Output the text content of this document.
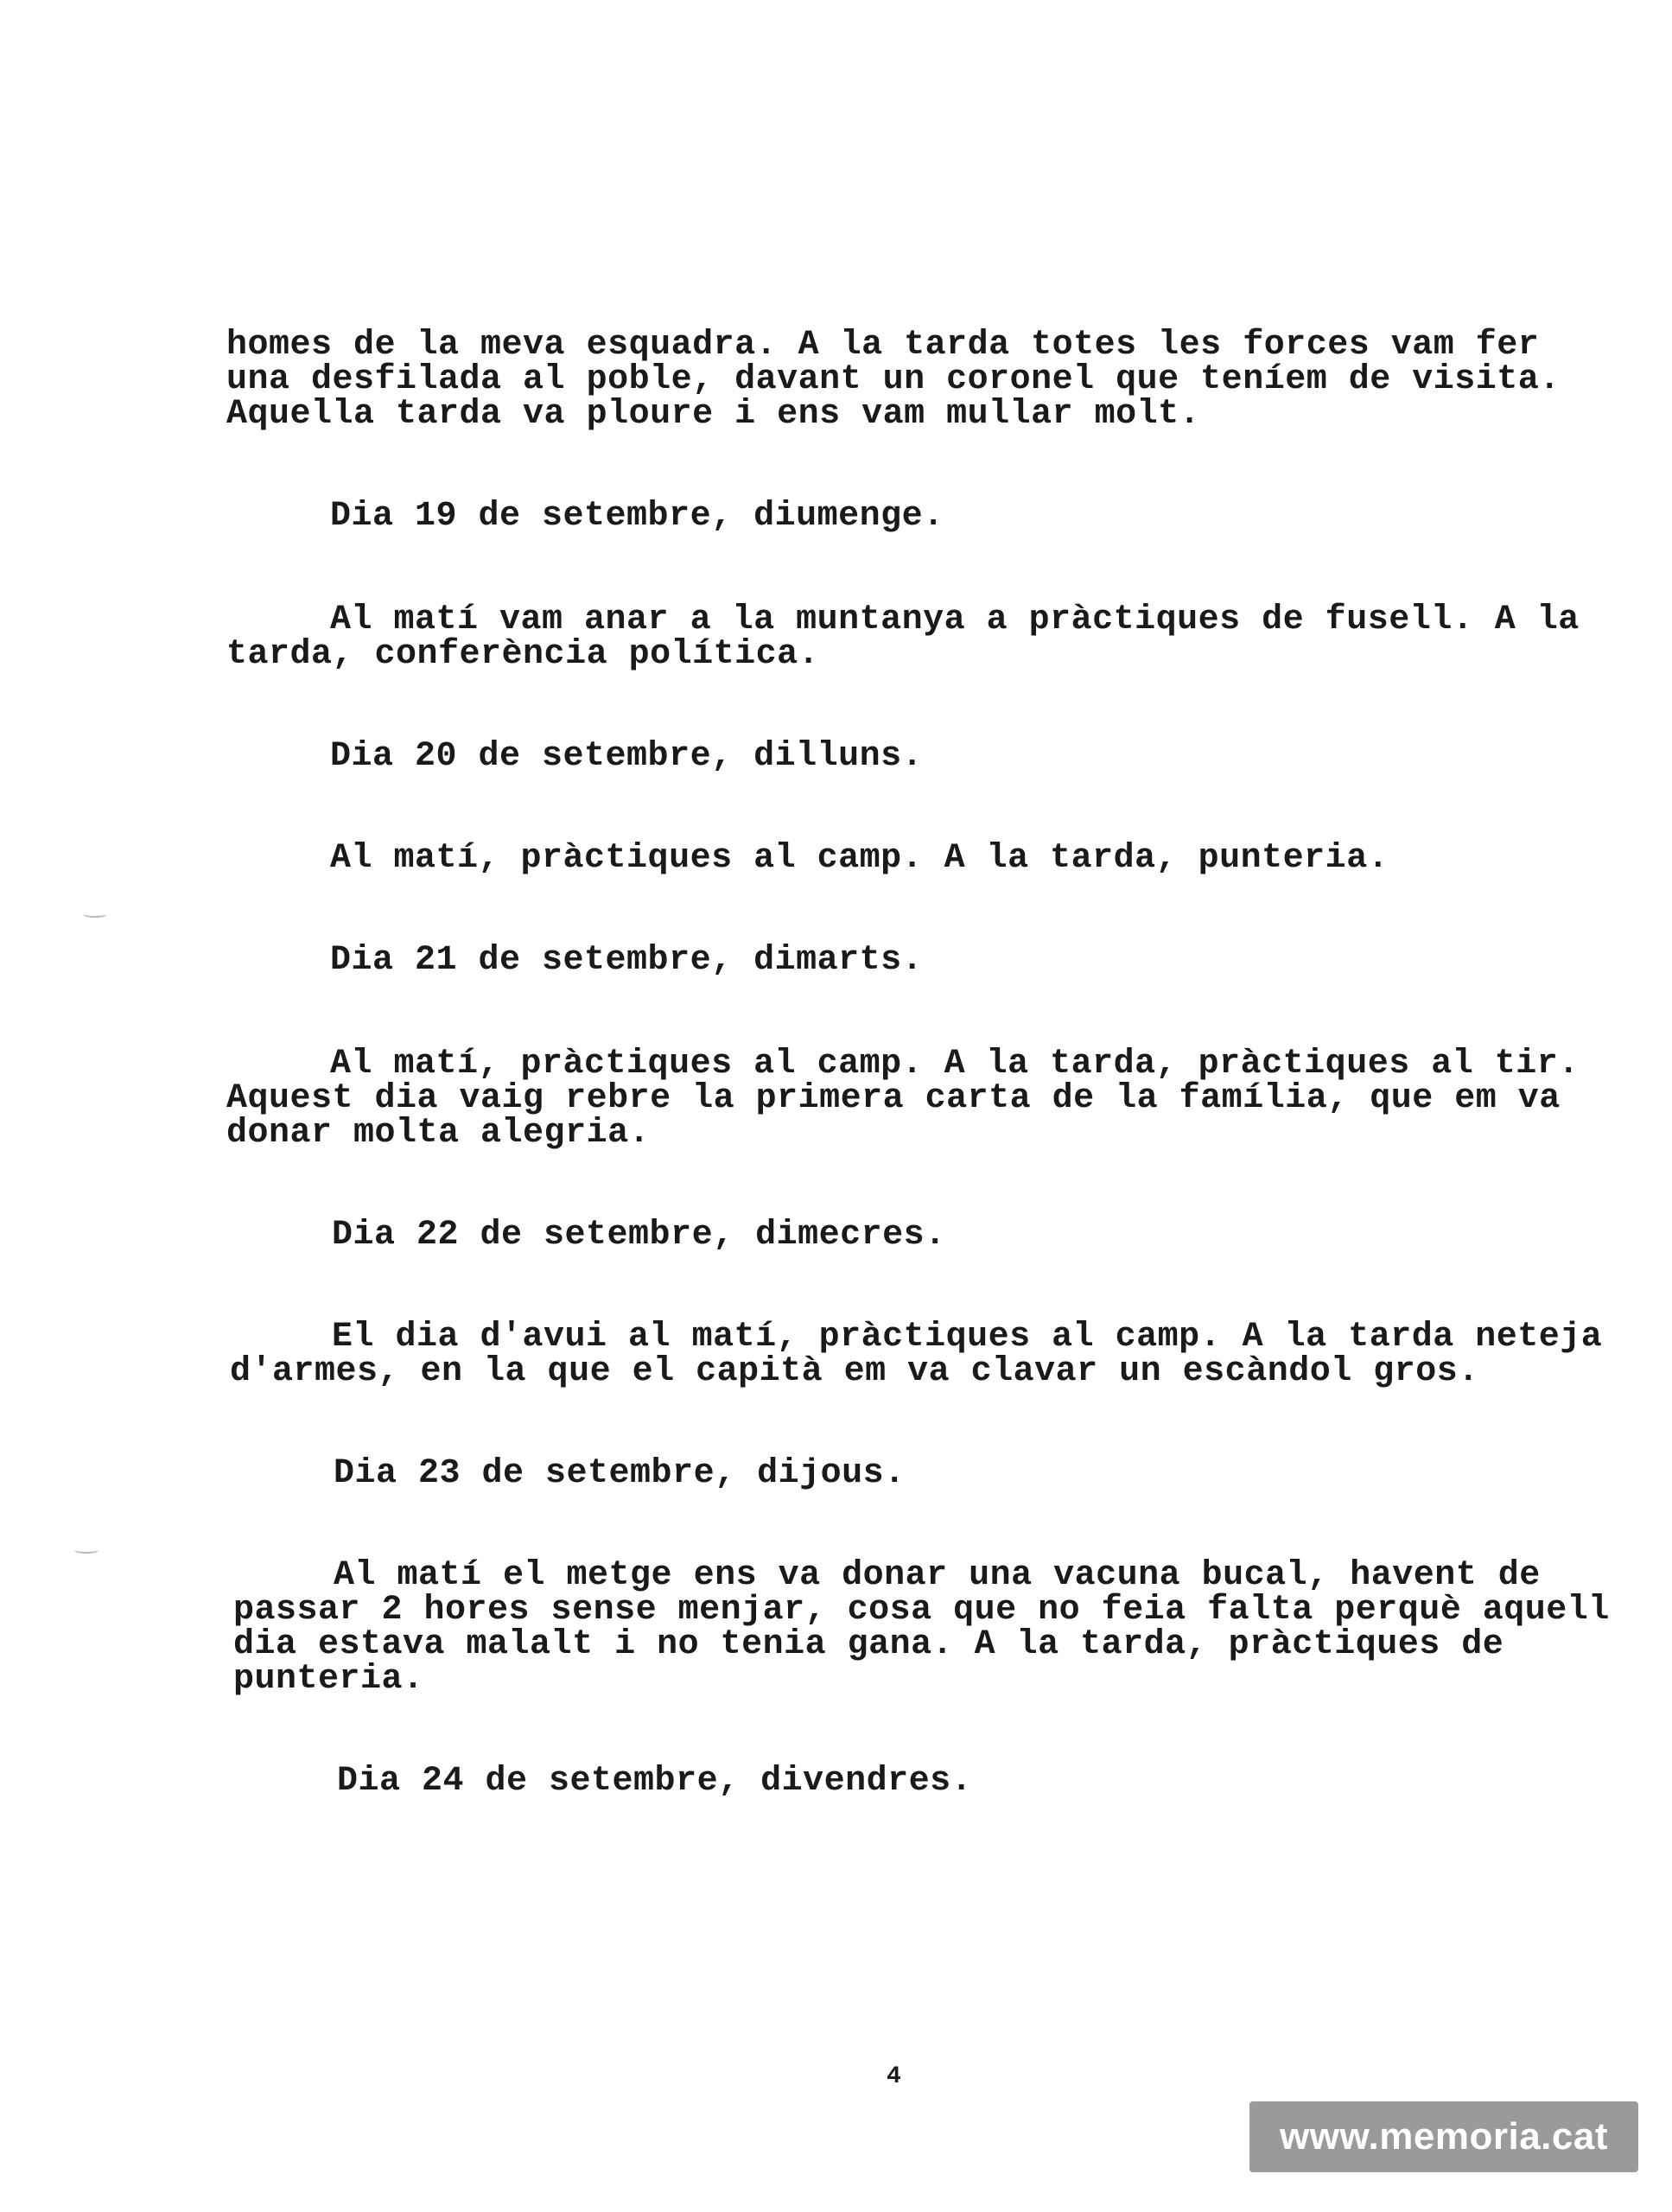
homes de la meva esquadra. A la tarda totes les forces vam fer
una desfilada al poble, davant un coronel que teníem de visita.
Aquella tarda va ploure i ens vam mullar molt.
Dia 19 de setembre, diumenge.
Al matí vam anar a la muntanya a pràctiques de fusell. A la
tarda, conferència política.
Dia 20 de setembre, dilluns.
Al matí, pràctiques al camp. A la tarda, punteria.
Dia 21 de setembre, dimarts.
Al matí, pràctiques al camp. A la tarda, pràctiques al tir.
Aquest dia vaig rebre la primera carta de la família, que em va
donar molta alegria.
Dia 22 de setembre, dimecres.
El dia d'avui al matí, pràctiques al camp. A la tarda neteja
d'armes, en la que el capità em va clavar un escàndol gros.
Dia 23 de setembre, dijous.
Al matí el metge ens va donar una vacuna bucal, havent de
passar 2 hores sense menjar, cosa que no feia falta perquè aquell
dia estava malalt i no tenia gana. A la tarda, pràctiques de
punteria.
Dia 24 de setembre, divendres.
4
www.memoria.cat
